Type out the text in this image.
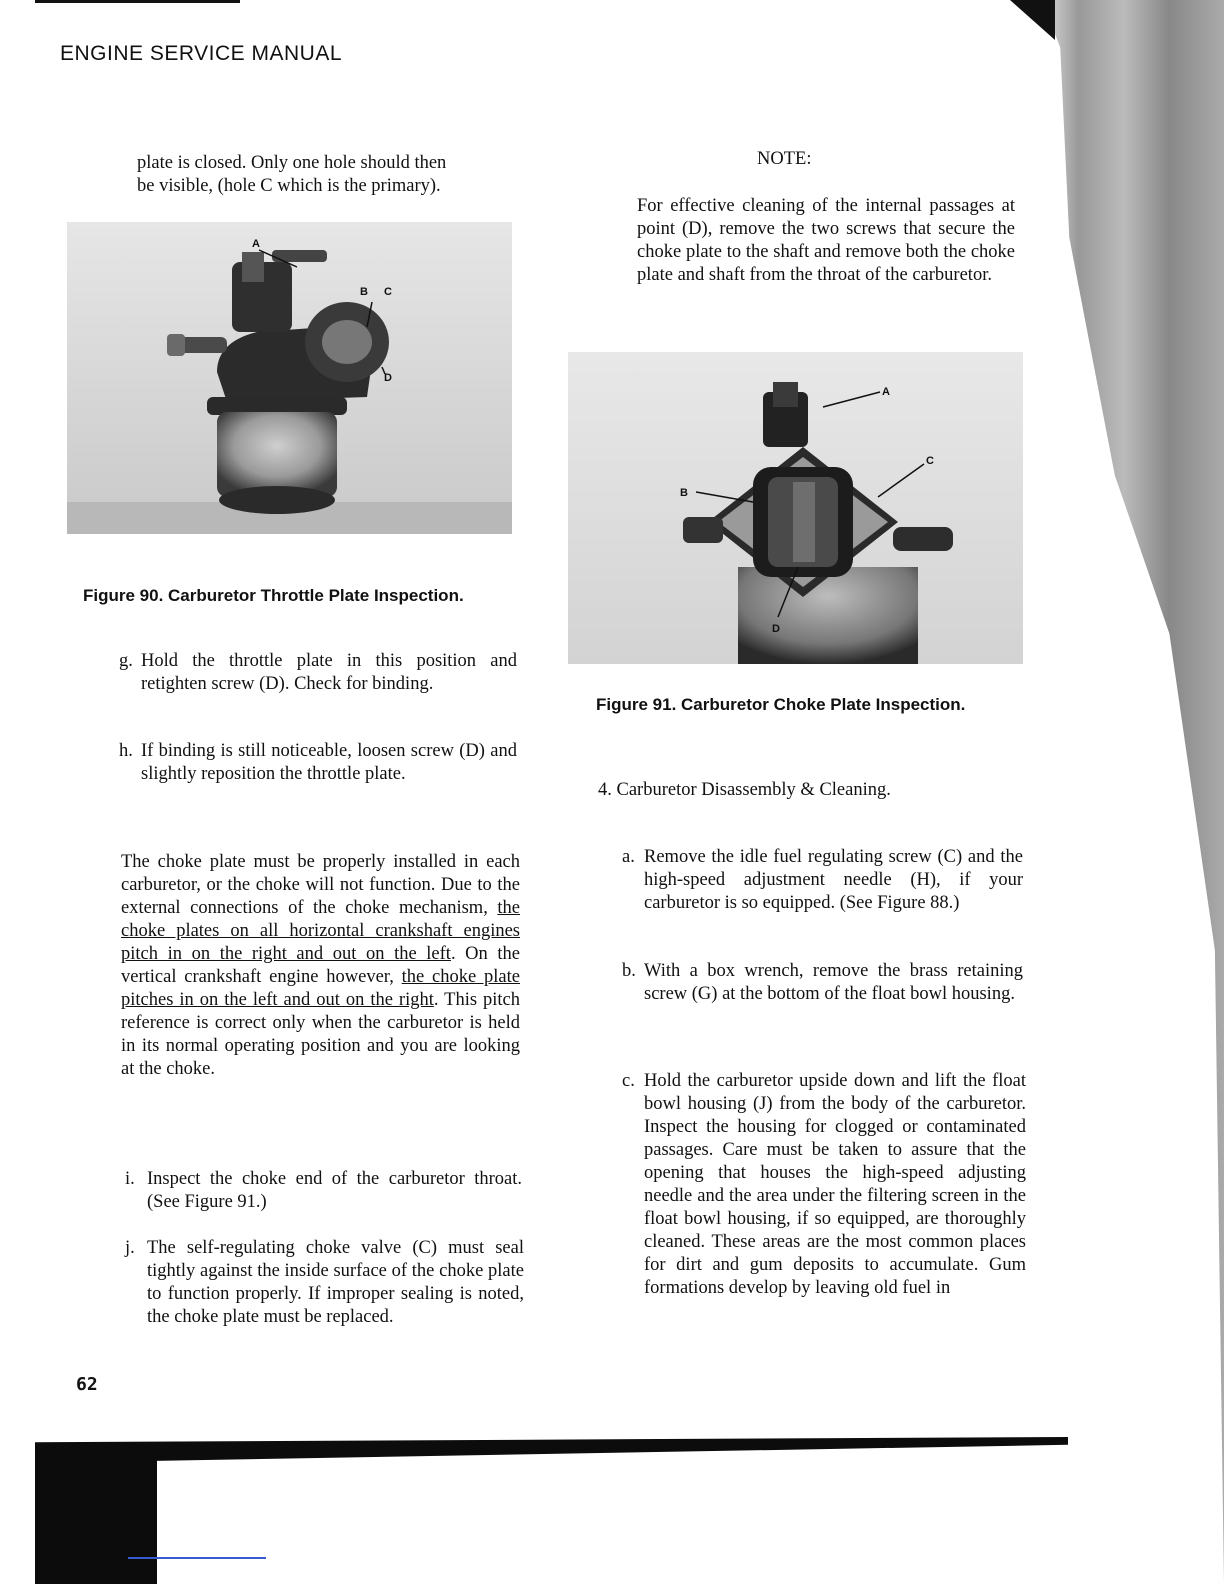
ENGINE SERVICE MANUAL
plate is closed. Only one hole should then
be visible, (hole C which is the primary).
A
B C
D
Figure 90. Carburetor Throttle Plate Inspection.
g. Hold the throttle plate in this position and retighten screw (D). Check for binding.
h. If binding is still noticeable, loosen screw (D) and slightly reposition the throttle plate.
The choke plate must be properly installed in each carburetor, or the choke will not function. Due to the external connections of the choke mechanism, the choke plates on all horizontal crankshaft engines pitch in on the right and out on the left. On the vertical crankshaft engine however, the choke plate pitches in on the left and out on the right. This pitch reference is correct only when the carburetor is held in its normal operating position and you are looking at the choke.
i. Inspect the choke end of the carburetor throat. (See Figure 91.)
j. The self-regulating choke valve (C) must seal tightly against the inside surface of the choke plate to function properly. If improper sealing is noted, the choke plate must be replaced.
62
NOTE:
For effective cleaning of the internal passages at point (D), remove the two screws that secure the choke plate to the shaft and remove both the choke plate and shaft from the throat of the carburetor.
A
B
C
D
Figure 91. Carburetor Choke Plate Inspection.
4. Carburetor Disassembly & Cleaning.
a. Remove the idle fuel regulating screw (C) and the high-speed adjustment needle (H), if your carburetor is so equipped. (See Figure 88.)
b. With a box wrench, remove the brass retaining screw (G) at the bottom of the float bowl housing.
c. Hold the carburetor upside down and lift the float bowl housing (J) from the body of the carburetor. Inspect the housing for clogged or contaminated passages. Care must be taken to assure that the opening that houses the high-speed adjusting needle and the area under the filtering screen in the float bowl housing, if so equipped, are thoroughly cleaned. These areas are the most common places for dirt and gum deposits to accumulate. Gum formations develop by leaving old fuel in
